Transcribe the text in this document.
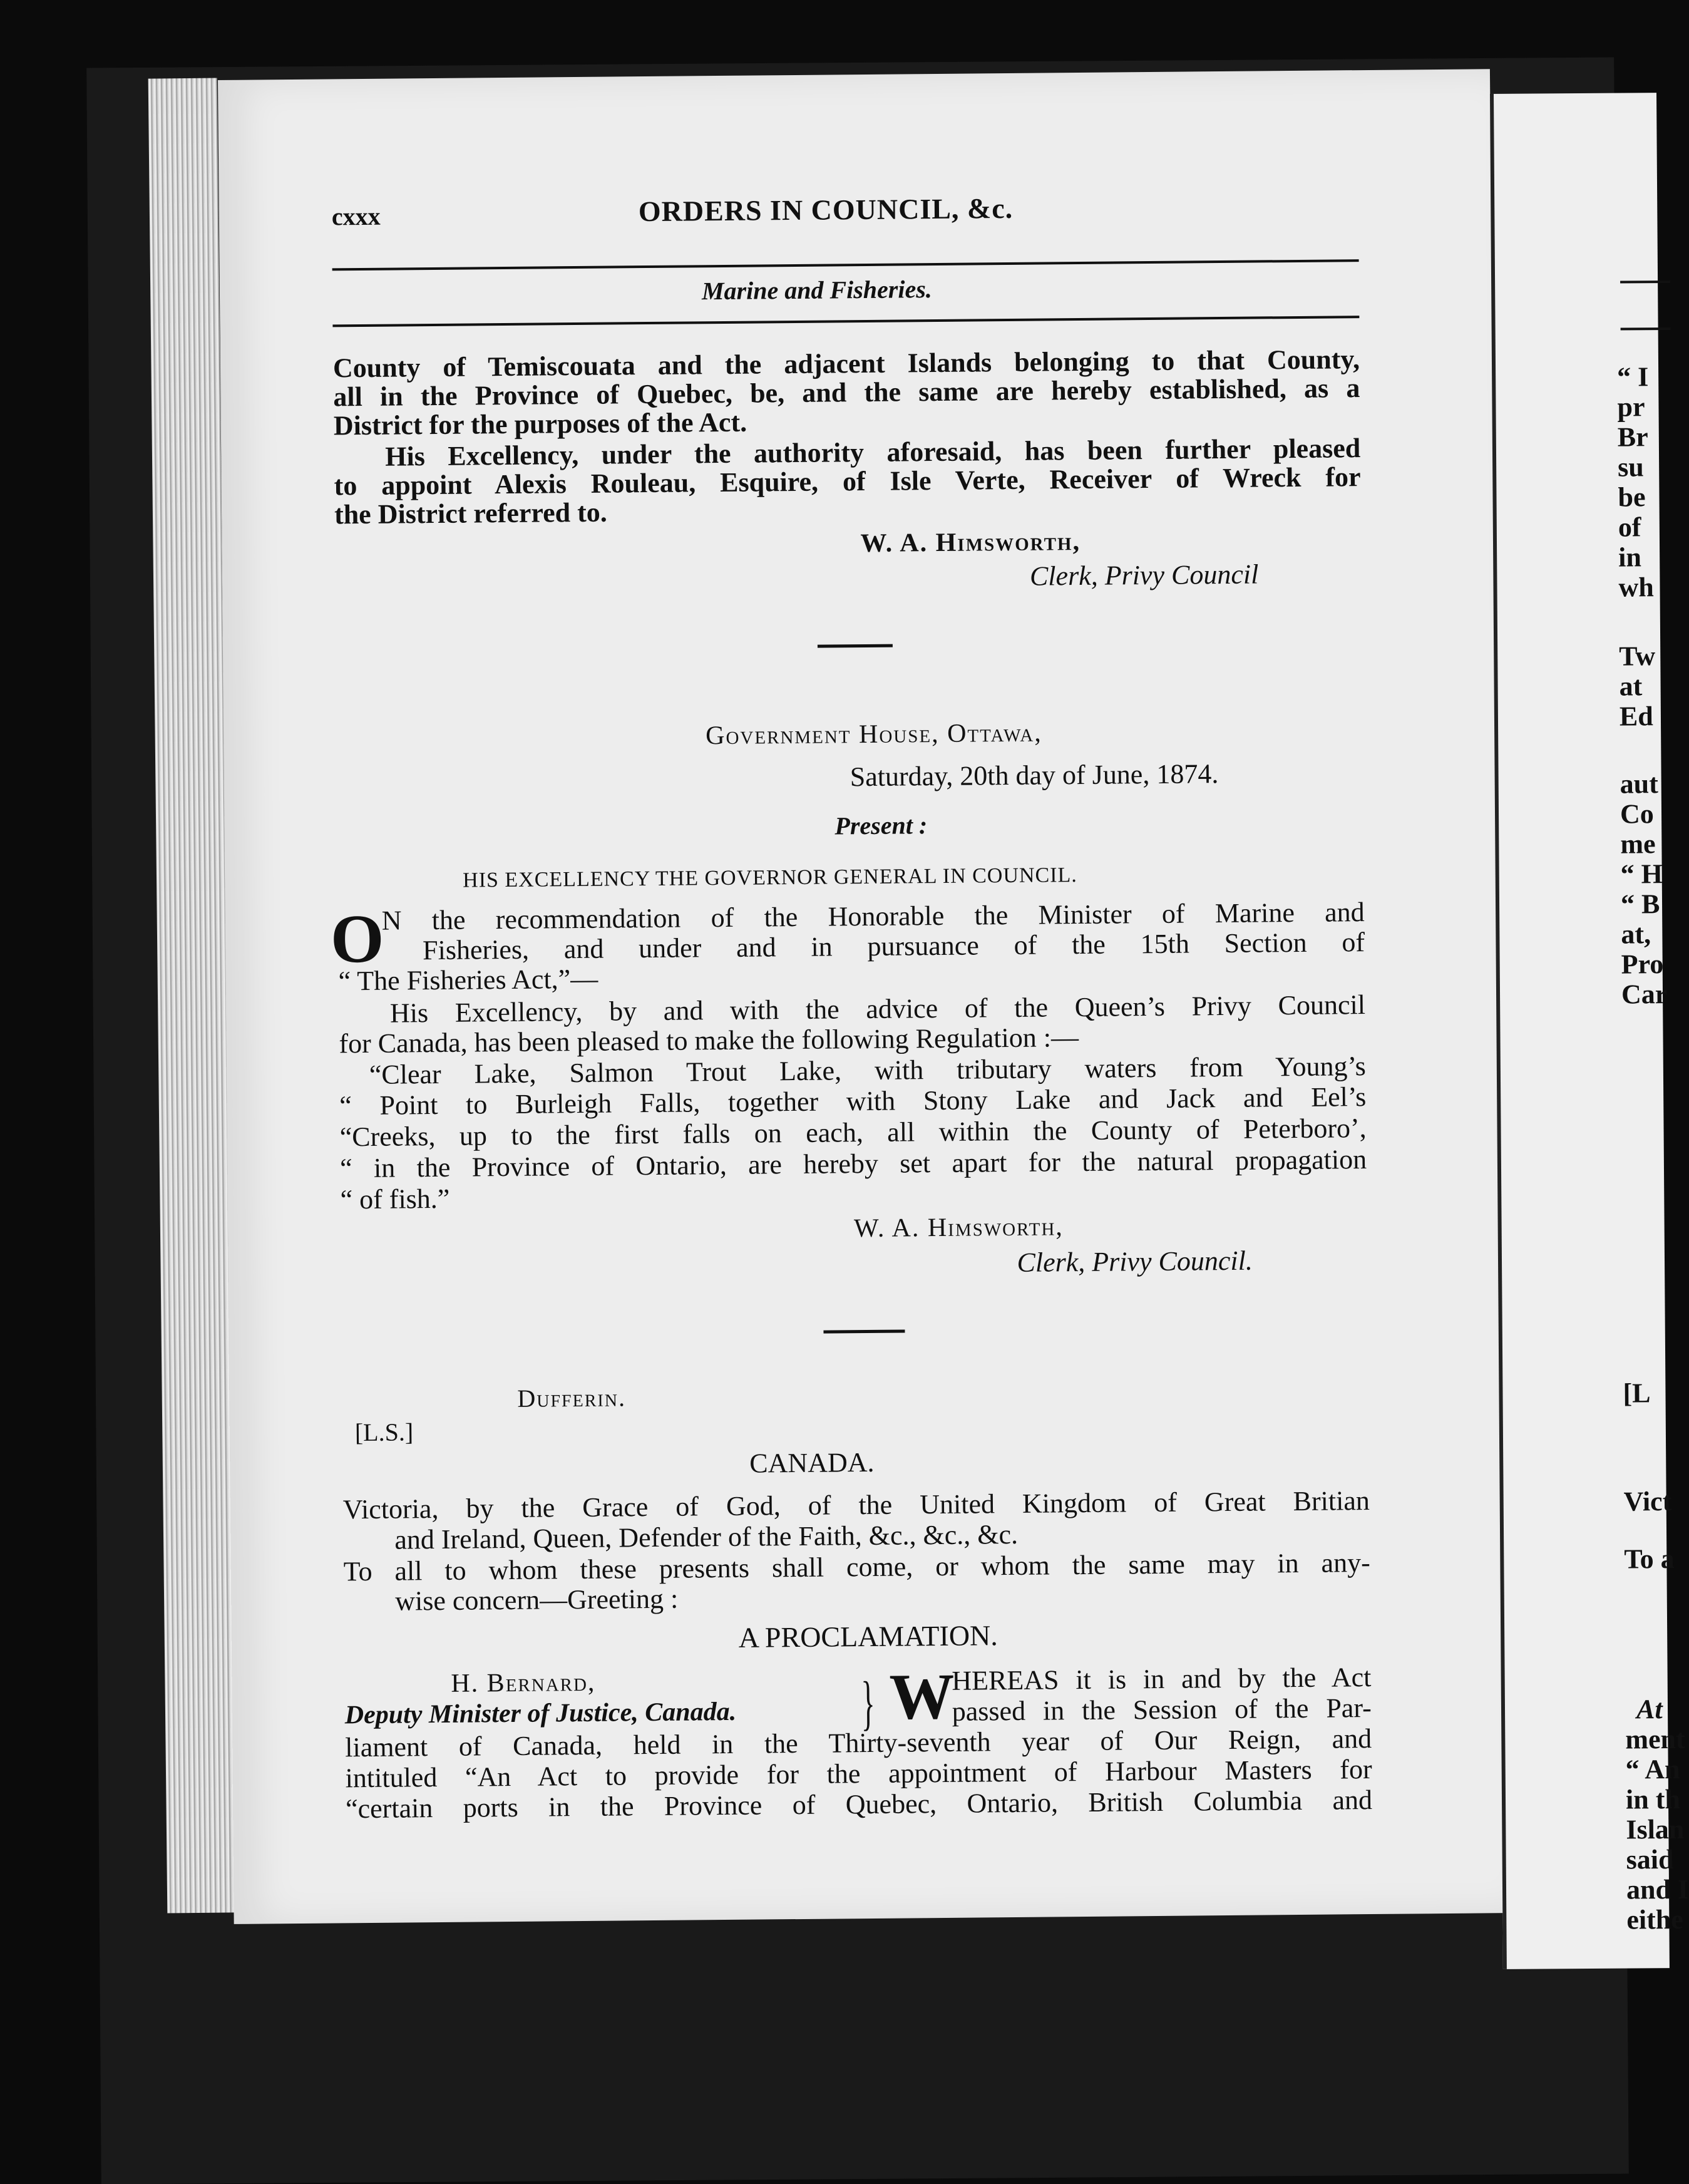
cxxx	ORDERS IN COUNCIL, &c.
Marine and Fisheries.
County of Temiscouata and the adjacent Islands belonging to that County,
all in the Province of Quebec, be, and the same are hereby established, as a
District for the purposes of the Act.
His Excellency, under the authority aforesaid, has been further pleased
to appoint Alexis Rouleau, Esquire, of Isle Verte, Receiver of Wreck for
the District referred to.
W. A. Himsworth,
Clerk, Privy Council
Government House, Ottawa,
Saturday, 20th day of June, 1874.
Present :
HIS EXCELLENCY THE GOVERNOR GENERAL IN COUNCIL.
O
N the recommendation of the Honorable the Minister of Marine and
Fisheries, and under and in pursuance of the 15th Section of
“ The Fisheries Act,”—
His Excellency, by and with the advice of the Queen’s Privy Council
for Canada, has been pleased to make the following Regulation :—
“Clear Lake, Salmon Trout Lake, with tributary waters from Young’s
“ Point to Burleigh Falls, together with Stony Lake and Jack and Eel’s
“Creeks, up to the first falls on each, all within the County of Peterboro’,
“ in the Province of Ontario, are hereby set apart for the natural propagation
“ of fish.”
W. A. Himsworth,
Clerk, Privy Council.
Dufferin.
[L.S.]
CANADA.
Victoria, by the Grace of God, of the United Kingdom of Great Britian
and Ireland, Queen, Defender of the Faith, &c., &c., &c.
To all to whom these presents shall come, or whom the same may in any-
wise concern—Greeting :
A PROCLAMATION.
H. Bernard,
Deputy Minister of Justice, Canada.	} W
HEREAS it is in and by the Act
passed in the Session of the Par-
liament of Canada, held in the Thirty-seventh year of Our Reign, and
intituled “An Act to provide for the appointment of Harbour Masters for
“certain ports in the Province of Quebec, Ontario, British Columbia and
“ I
pr
Br
su
be
of
in
wh
Tw
at
Ed
aut
Co
me
“ H
“ B
at,
Pro
Car
[L
Vict
To a
At
ment
“ An
in th
Islan
said
and I
eithe
